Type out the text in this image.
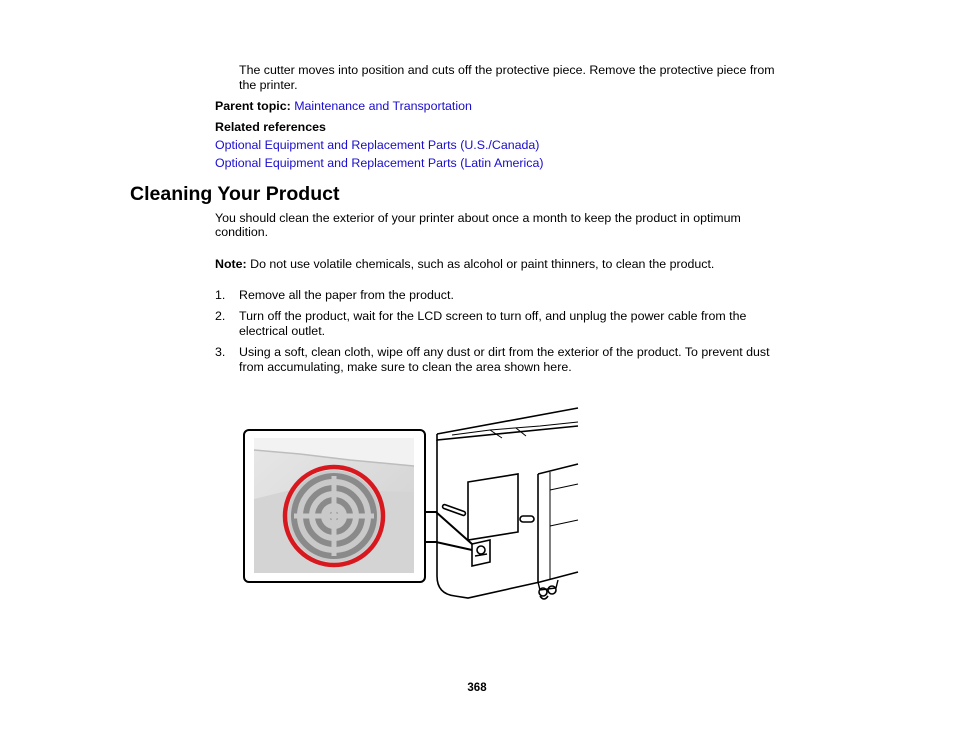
The cutter moves into position and cuts off the protective piece. Remove the protective piece from

the printer.

Parent topic: Maintenance and Transportation

Related references

Optional Equipment and Replacement Parts (U.S./Canada)
Optional Equipment and Replacement Parts (Latin America)
Cleaning Your Product

You should clean the exterior of your printer about once a month to keep the product in optimum

condition.

Note: Do not use volatile chemicals, such as alcohol or paint thinners, to clean the product.

1.	Remove all the paper from the product.

2.	Turn off the product, wait for the LCD screen to turn off, and unplug the power cable from the

electrical outlet.

3.	Using a soft, clean cloth, wipe off any dust or dirt from the exterior of the product. To prevent dust

from accumulating, make sure to clean the area shown here.

368
